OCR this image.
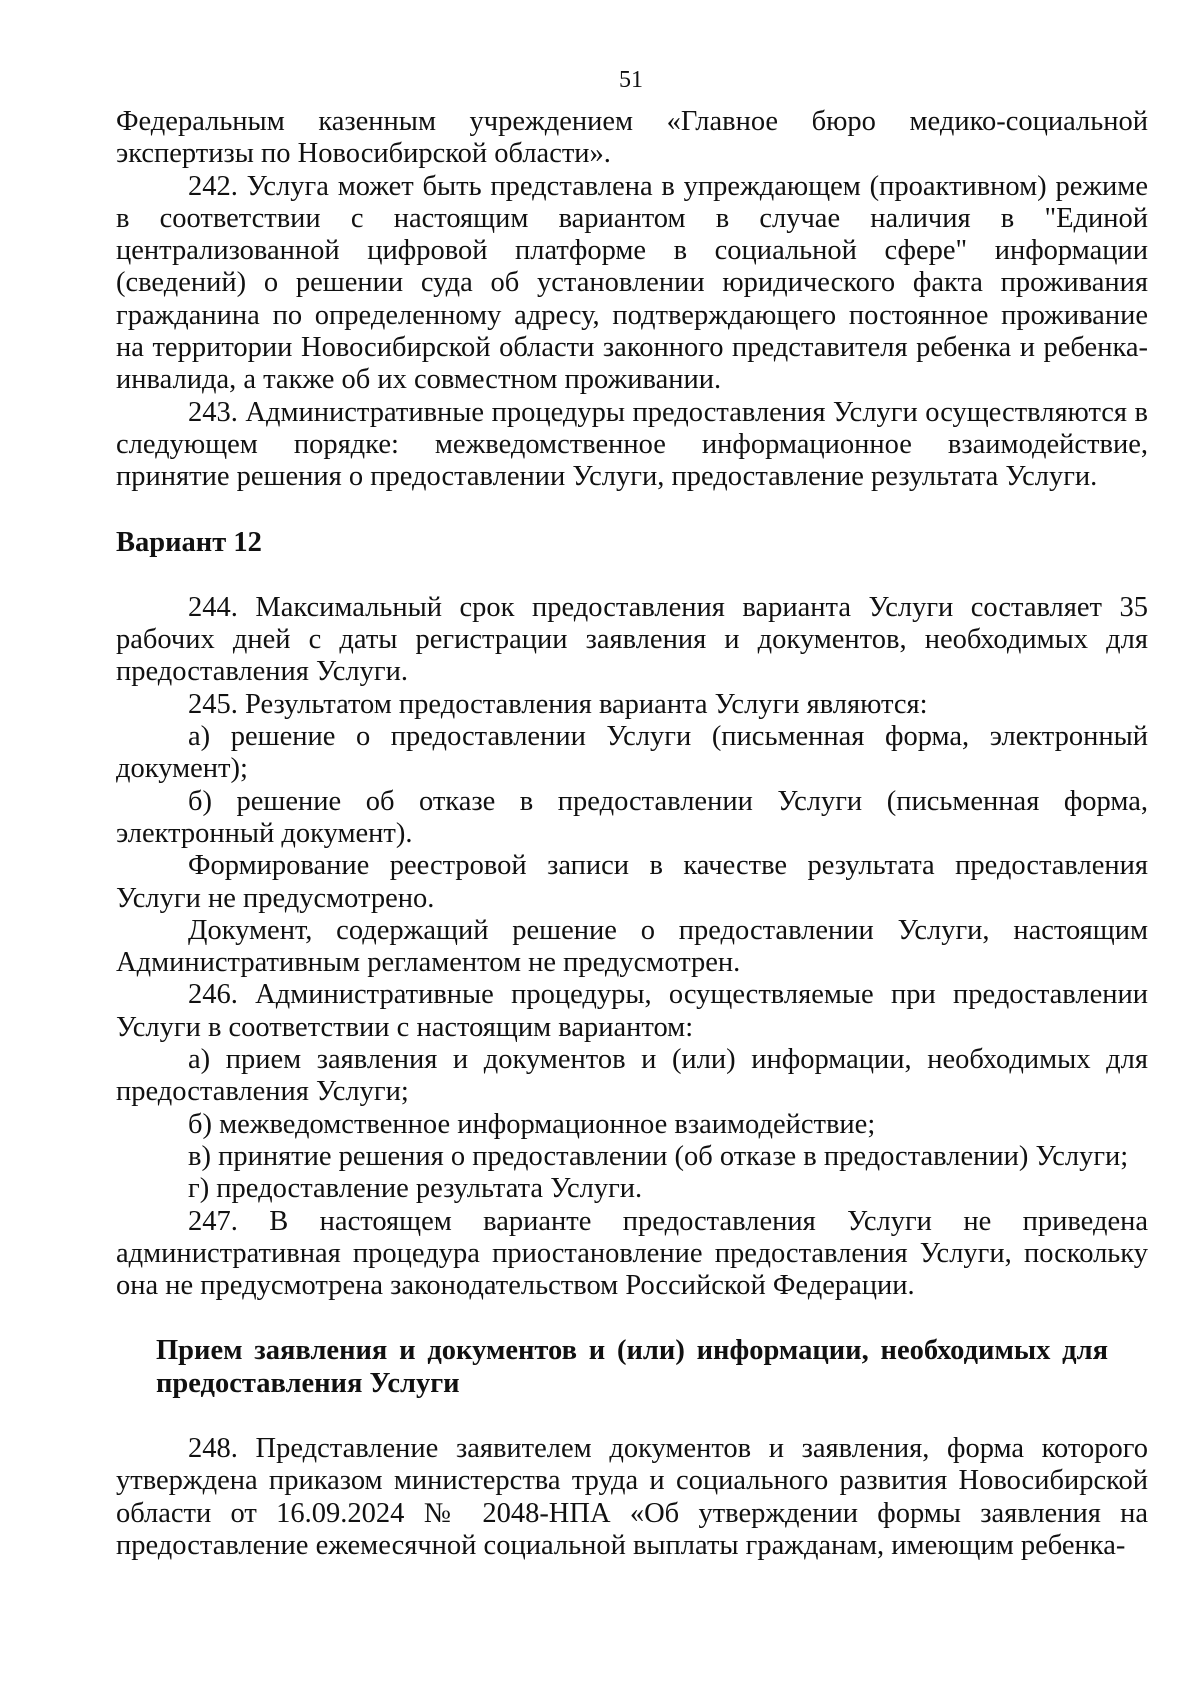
51

Федеральным казенным учреждением «Главное бюро медико-социальной экспертизы по Новосибирской области».

242. Услуга может быть представлена в упреждающем (проактивном) режиме в соответствии с настоящим вариантом в случае наличия в "Единой централизованной цифровой платформе в социальной сфере" информации (сведений) о решении суда об установлении юридического факта проживания гражданина по определенному адресу, подтверждающего постоянное проживание на территории Новосибирской области законного представителя ребенка и ребенка-инвалида, а также об их совместном проживании.

243. Административные процедуры предоставления Услуги осуществляются в следующем порядке: межведомственное информационное взаимодействие, принятие решения о предоставлении Услуги, предоставление результата Услуги.

Вариант 12

244. Максимальный срок предоставления варианта Услуги составляет 35 рабочих дней с даты регистрации заявления и документов, необходимых для предоставления Услуги.

245. Результатом предоставления варианта Услуги являются:

а) решение о предоставлении Услуги (письменная форма, электронный документ);

б) решение об отказе в предоставлении Услуги (письменная форма, электронный документ).

Формирование реестровой записи в качестве результата предоставления Услуги не предусмотрено.

Документ, содержащий решение о предоставлении Услуги, настоящим Административным регламентом не предусмотрен.

246. Административные процедуры, осуществляемые при предоставлении Услуги в соответствии с настоящим вариантом:

а) прием заявления и документов и (или) информации, необходимых для предоставления Услуги;

б) межведомственное информационное взаимодействие;

в) принятие решения о предоставлении (об отказе в предоставлении) Услуги;

г) предоставление результата Услуги.

247. В настоящем варианте предоставления Услуги не приведена административная процедура приостановление предоставления Услуги, поскольку она не предусмотрена законодательством Российской Федерации.

Прием заявления и документов и (или) информации, необходимых для предоставления Услуги

248. Представление заявителем документов и заявления, форма которого утверждена приказом министерства труда и социального развития Новосибирской области от 16.09.2024 № 2048-НПА «Об утверждении формы заявления на предоставление ежемесячной социальной выплаты гражданам, имеющим ребенка-
